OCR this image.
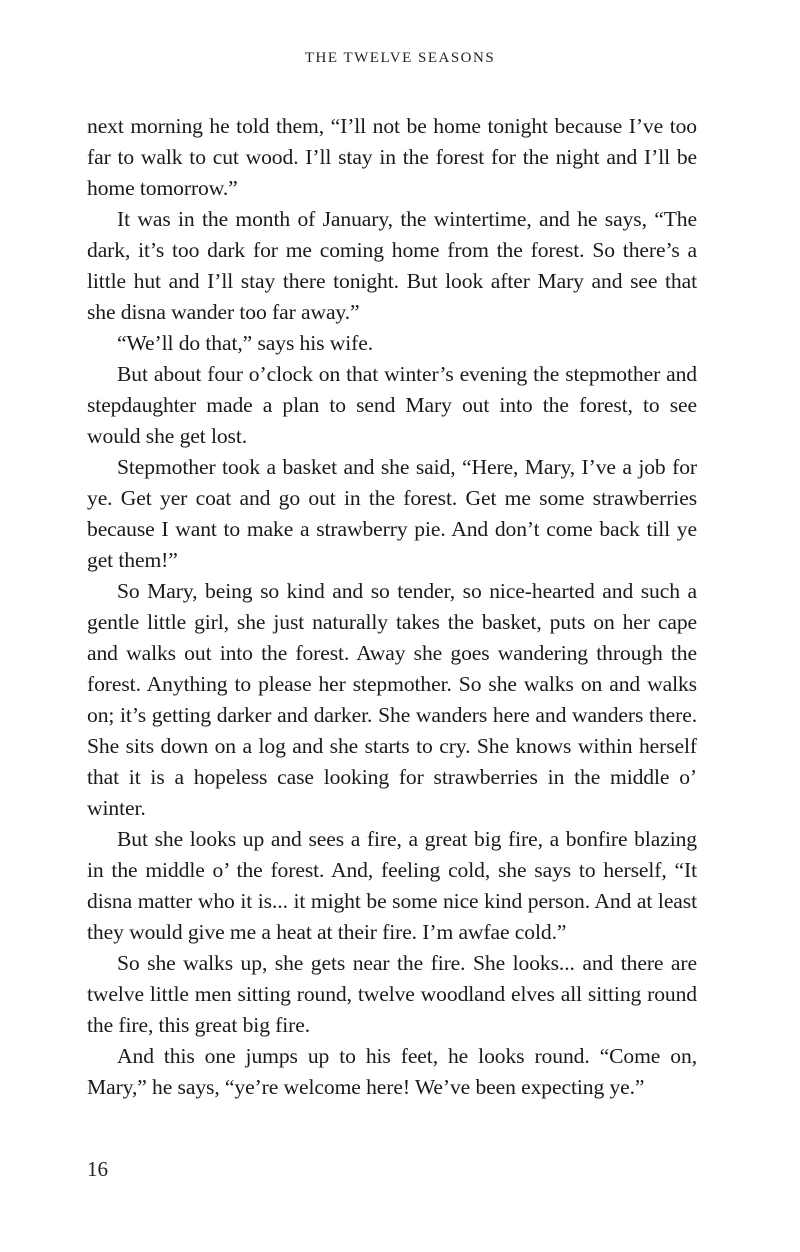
THE TWELVE SEASONS

next morning he told them, “I’ll not be home tonight because I’ve too far to walk to cut wood. I’ll stay in the forest for the night and I’ll be home tomorrow.”

It was in the month of January, the wintertime, and he says, “The dark, it’s too dark for me coming home from the forest. So there’s a little hut and I’ll stay there tonight. But look after Mary and see that she disna wander too far away.”

“We’ll do that,” says his wife.

But about four o’clock on that winter’s evening the stepmother and stepdaughter made a plan to send Mary out into the forest, to see would she get lost.

Stepmother took a basket and she said, “Here, Mary, I’ve a job for ye. Get yer coat and go out in the forest. Get me some strawberries because I want to make a strawberry pie. And don’t come back till ye get them!”

So Mary, being so kind and so tender, so nice-hearted and such a gentle little girl, she just naturally takes the basket, puts on her cape and walks out into the forest. Away she goes wandering through the forest. Anything to please her stepmother. So she walks on and walks on; it’s getting darker and darker. She wanders here and wanders there. She sits down on a log and she starts to cry. She knows within herself that it is a hopeless case looking for strawberries in the middle o’ winter.

But she looks up and sees a fire, a great big fire, a bonfire blazing in the middle o’ the forest. And, feeling cold, she says to herself, “It disna matter who it is... it might be some nice kind person. And at least they would give me a heat at their fire. I’m awfae cold.”

So she walks up, she gets near the fire. She looks... and there are twelve little men sitting round, twelve woodland elves all sitting round the fire, this great big fire.

And this one jumps up to his feet, he looks round. “Come on, Mary,” he says, “ye’re welcome here! We’ve been expecting ye.”

16
